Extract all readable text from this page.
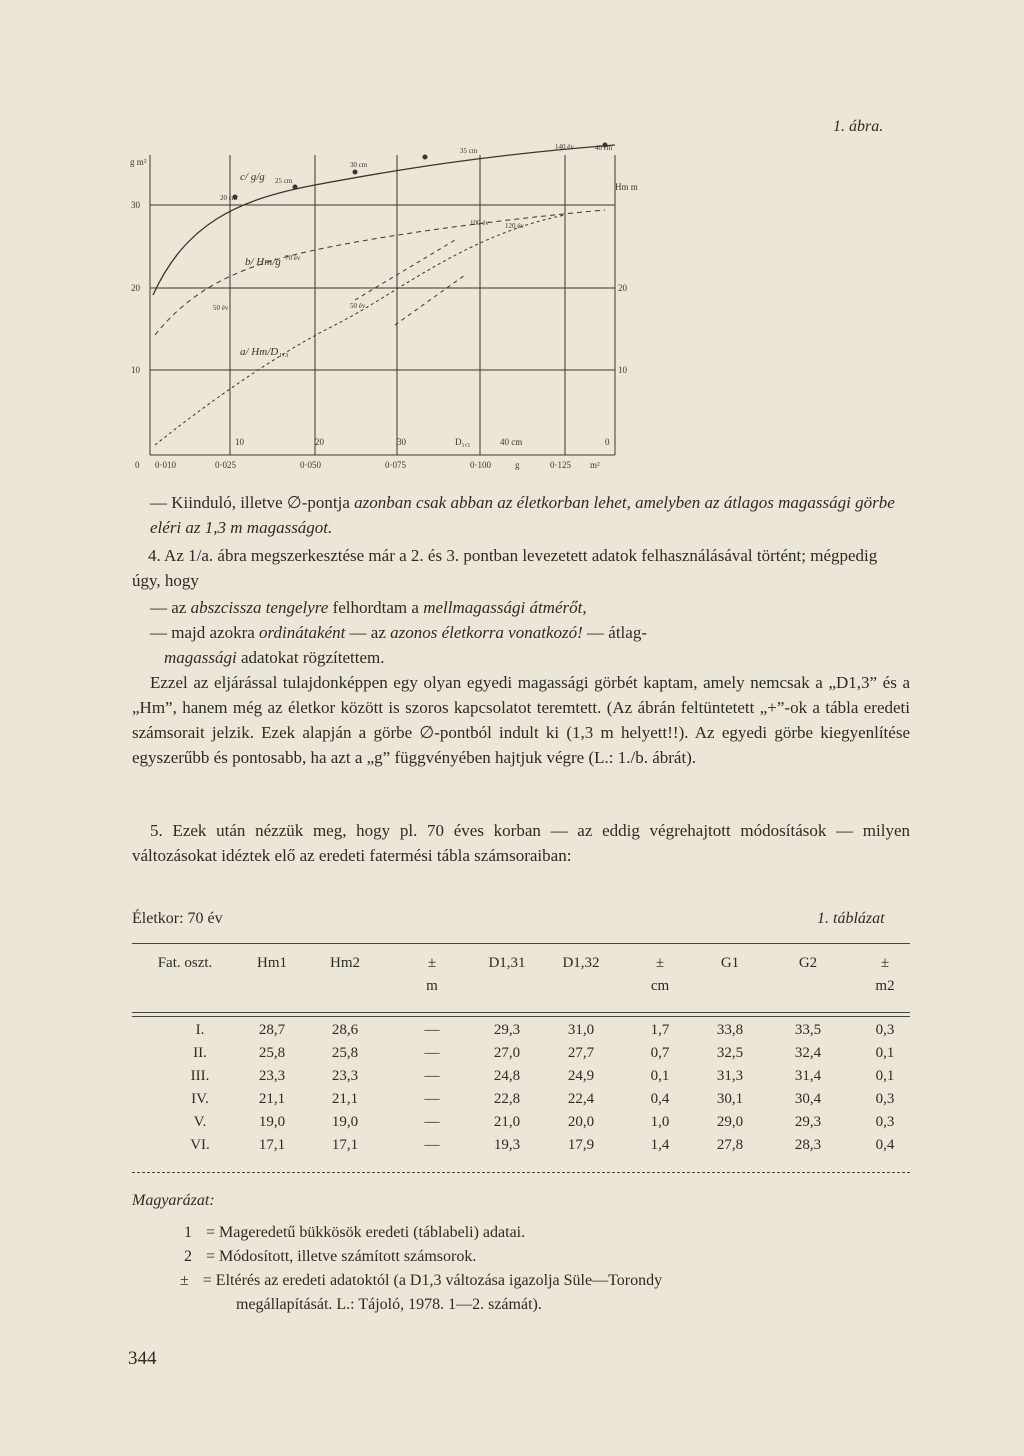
g m²
30
20
10
Hm m
20
10
10	20	30	D₁,₃	40 cm	0
0 0·010	0·025	0·050	0·075	0·100	g	0·125 m²
c/ g/g
b/ Hm/g
a/ Hm/D₁,₃
20 cm
25 cm
30 cm
35 cm	40 cm
70 év
100 év
140 év
120 év
50 év	50 év
1. ábra.
— Kiinduló, illetve ∅-pontja azonban csak abban az életkorban lehet, amelyben az átlagos magassági görbe eléri az 1,3 m magasságot.
4. Az 1/a. ábra megszerkesztése már a 2. és 3. pontban levezetett adatok felhasználásával történt; mégpedig úgy, hogy
— az abszcissza tengelyre felhordtam a mellmagassági átmérőt,
— majd azokra ordinátaként — az azonos életkorra vonatkozó! — átlag-
magassági adatokat rögzítettem.
Ezzel az eljárással tulajdonképpen egy olyan egyedi magassági görbét kaptam, amely nemcsak a „D1,3” és a „Hm”, hanem még az életkor között is szoros kapcsolatot teremtett. (Az ábrán feltüntetett „+”-ok a tábla eredeti számsorait jelzik. Ezek alapján a görbe ∅-pontból indult ki (1,3 m helyett!!). Az egyedi görbe kiegyenlítése egyszerűbb és pontosabb, ha azt a „g” függvényében hajtjuk végre (L.: 1./b. ábrát).
5. Ezek után nézzük meg, hogy pl. 70 éves korban — az eddig végrehajtott módosítások — milyen változásokat idéztek elő az eredeti fatermési tábla számsoraiban:
Életkor: 70 év	1. táblázat
Fat. oszt.	Hm1	Hm2	±
m
D1,31	D1,32	±
cm
G1	G2	±
m2
I.	28,7	28,6	—	29,3	31,0	1,7	33,8	33,5	0,3
II.	25,8	25,8	—	27,0	27,7	0,7	32,5	32,4	0,1
III.	23,3	23,3	—	24,8	24,9	0,1	31,3	31,4	0,1
IV.	21,1	21,1	—	22,8	22,4	0,4	30,1	30,4	0,3
V.	19,0	19,0	—	21,0	20,0	1,0	29,0	29,3	0,3
VI.	17,1	17,1	—	19,3	17,9	1,4	27,8	28,3	0,4
Magyarázat:
1 = Mageredetű bükkösök eredeti (táblabeli) adatai.
2 = Módosított, illetve számított számsorok.
± = Eltérés az eredeti adatoktól (a D1,3 változása igazolja Süle—Torondy
megállapítását. L.: Tájoló, 1978. 1—2. számát).
344
